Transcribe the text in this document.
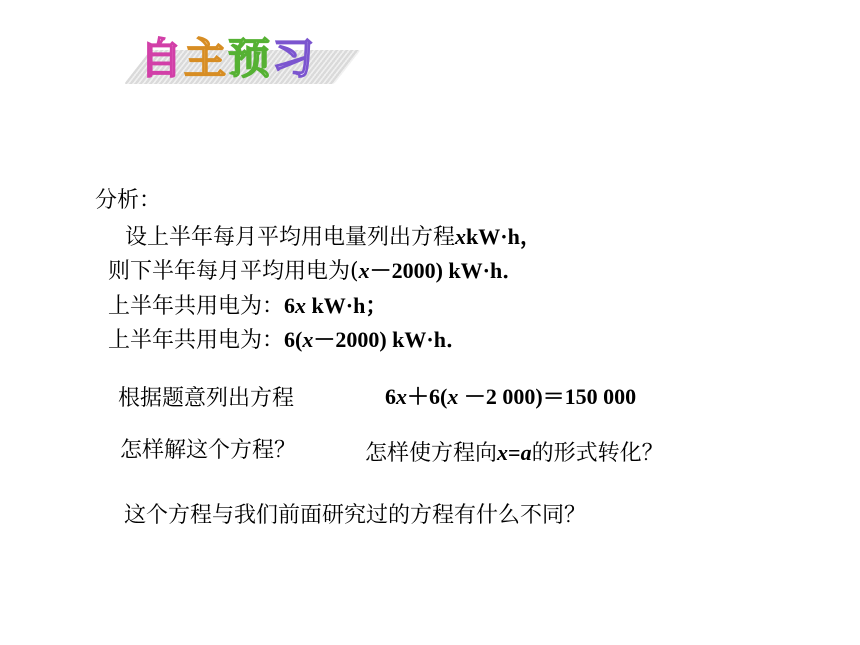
自主预习
分析：
设上半年每月平均用电量列出方程xkW·h，
则下半年每月平均用电为(x－2000) kW·h．
上半年共用电为：6x kW·h；
上半年共用电为：6(x－2000) kW·h．
根据题意列出方程	6x＋6(x －2 000)＝150 000
怎样解这个方程？	怎样使方程向x=a的形式转化？
这个方程与我们前面研究过的方程有什么不同？
